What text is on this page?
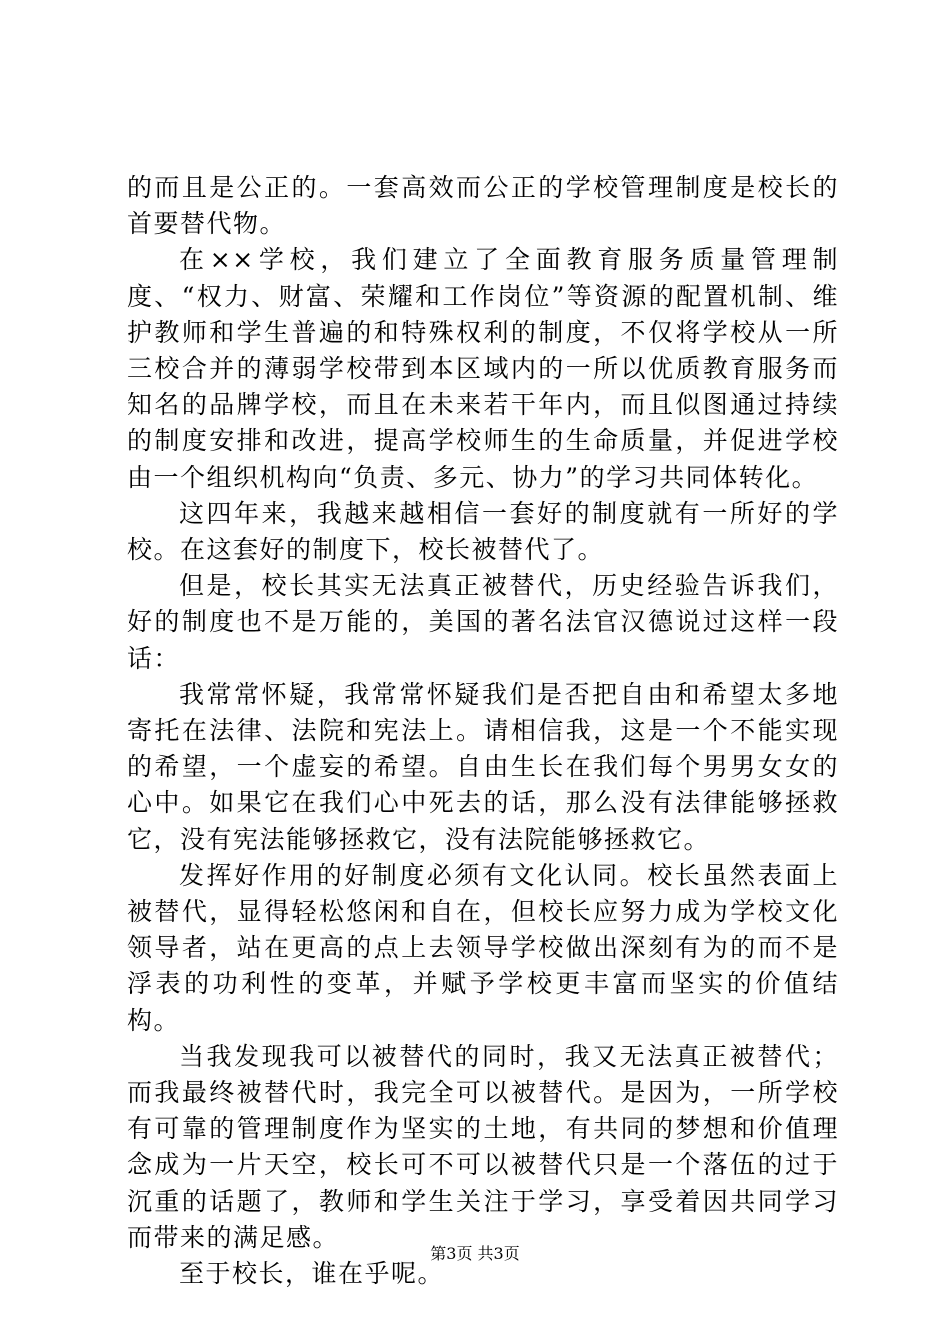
的而且是公正的。一套高效而公正的学校管理制度是校长的首要替代物。

在××学校，我们建立了全面教育服务质量管理制度、“权力、财富、荣耀和工作岗位”等资源的配置机制、维护教师和学生普遍的和特殊权利的制度，不仅将学校从一所三校合并的薄弱学校带到本区域内的一所以优质教育服务而知名的品牌学校，而且在未来若干年内，而且似图通过持续的制度安排和改进，提高学校师生的生命质量，并促进学校由一个组织机构向“负责、多元、协力”的学习共同体转化。

这四年来，我越来越相信一套好的制度就有一所好的学校。在这套好的制度下，校长被替代了。

但是，校长其实无法真正被替代，历史经验告诉我们，好的制度也不是万能的，美国的著名法官汉德说过这样一段话：

我常常怀疑，我常常怀疑我们是否把自由和希望太多地寄托在法律、法院和宪法上。请相信我，这是一个不能实现的希望，一个虚妄的希望。自由生长在我们每个男男女女的心中。如果它在我们心中死去的话，那么没有法律能够拯救它，没有宪法能够拯救它，没有法院能够拯救它。

发挥好作用的好制度必须有文化认同。校长虽然表面上被替代，显得轻松悠闲和自在，但校长应努力成为学校文化领导者，站在更高的点上去领导学校做出深刻有为的而不是浮表的功利性的变革，并赋予学校更丰富而坚实的价值结构。

当我发现我可以被替代的同时，我又无法真正被替代；而我最终被替代时，我完全可以被替代。是因为，一所学校有可靠的管理制度作为坚实的土地，有共同的梦想和价值理念成为一片天空，校长可不可以被替代只是一个落伍的过于沉重的话题了，教师和学生关注于学习，享受着因共同学习而带来的满足感。

至于校长，谁在乎呢。

第3页 共3页
